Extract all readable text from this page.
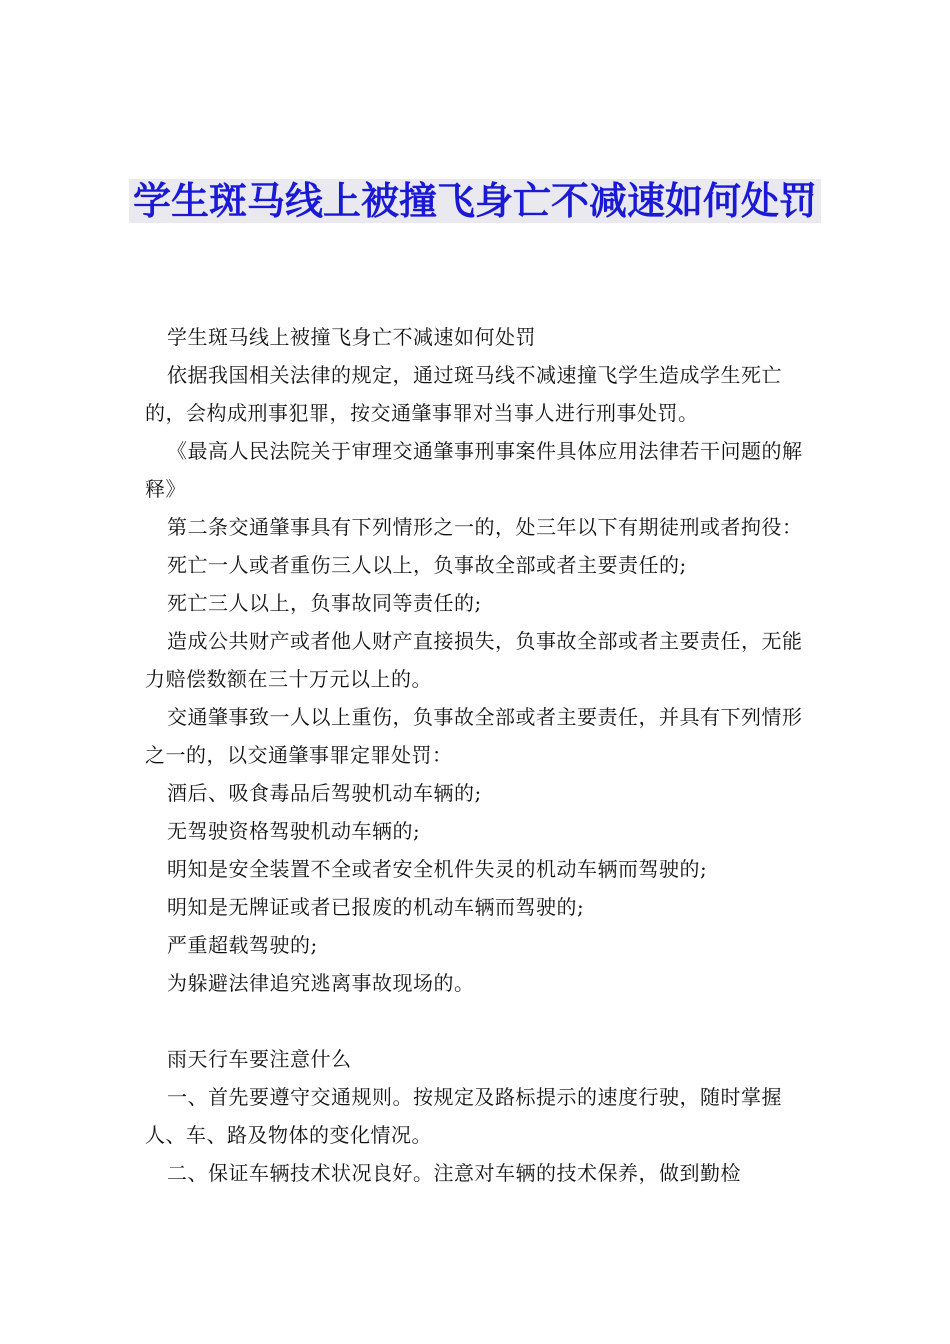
学生斑马线上被撞飞身亡不减速如何处罚

学生斑马线上被撞飞身亡不减速如何处罚

依据我国相关法律的规定，通过斑马线不减速撞飞学生造成学生死亡的，会构成刑事犯罪，按交通肇事罪对当事人进行刑事处罚。

《最高人民法院关于审理交通肇事刑事案件具体应用法律若干问题的解释》

第二条交通肇事具有下列情形之一的，处三年以下有期徒刑或者拘役：

死亡一人或者重伤三人以上，负事故全部或者主要责任的;

死亡三人以上，负事故同等责任的;

造成公共财产或者他人财产直接损失，负事故全部或者主要责任，无能力赔偿数额在三十万元以上的。

交通肇事致一人以上重伤，负事故全部或者主要责任，并具有下列情形之一的，以交通肇事罪定罪处罚：

酒后、吸食毒品后驾驶机动车辆的;

无驾驶资格驾驶机动车辆的;

明知是安全装置不全或者安全机件失灵的机动车辆而驾驶的;

明知是无牌证或者已报废的机动车辆而驾驶的;

严重超载驾驶的;

为躲避法律追究逃离事故现场的。

雨天行车要注意什么

一、首先要遵守交通规则。按规定及路标提示的速度行驶，随时掌握人、车、路及物体的变化情况。

二、保证车辆技术状况良好。注意对车辆的技术保养，做到勤检
